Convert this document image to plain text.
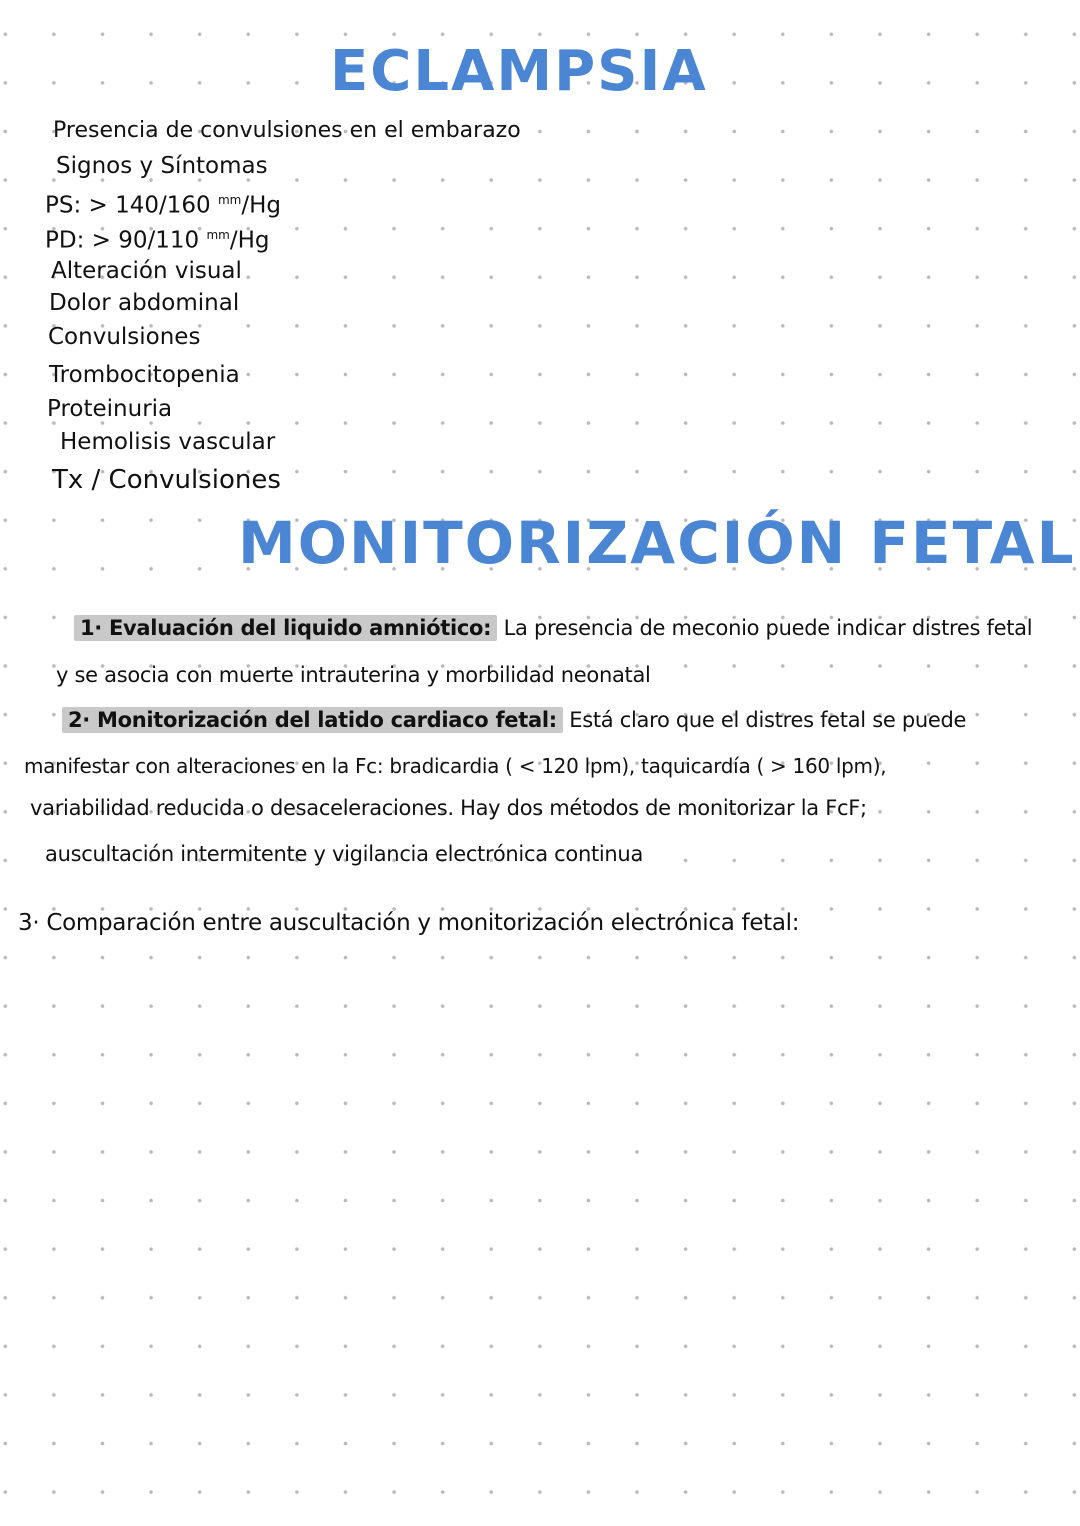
ECLAMPSIA
Presencia de convulsiones en el embarazo
Signos y Síntomas
PS: > 140/160 $^{mm}$/Hg
PD: > 90/110 $^{mm}$/Hg
Alteración visual
Dolor abdominal
Convulsiones
Trombocitopenia
Proteinuria
Hemolisis vascular
Tx / Convulsiones
MONITORIZACIÓN FETAL
1· Evaluación del liquido amniótico: La presencia de meconio puede indicar distres fetal
y se asocia con muerte intrauterina y morbilidad neonatal
2· Monitorización del latido cardiaco fetal: Está claro que el distres fetal se puede
manifestar con alteraciones en la Fc: bradicardia ( < 120 lpm), taquicardía ( > 160 lpm),
variabilidad reducida o desaceleraciones. Hay dos métodos de monitorizar la FcF;
auscultación intermitente y vigilancia electrónica continua
3· Comparación entre auscultación y monitorización electrónica fetal:
